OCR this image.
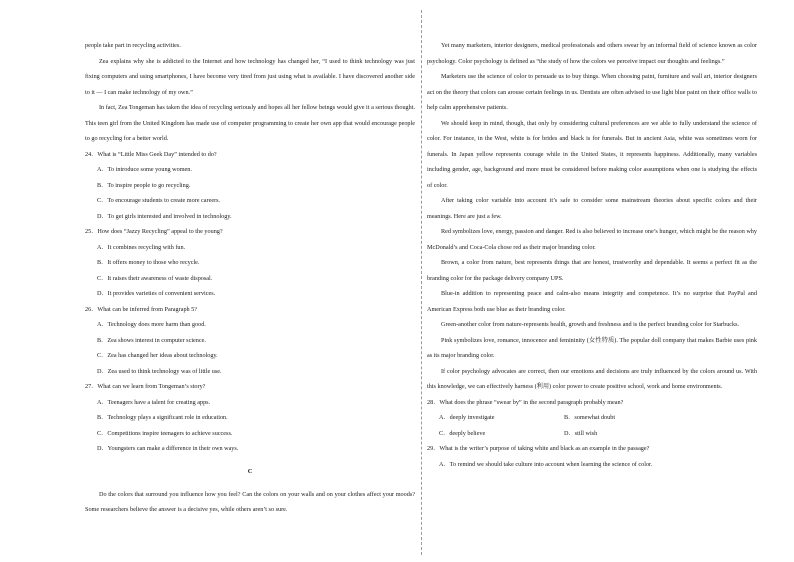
people take part in recycling activities.

Zea explains why she is addicted to the Internet and how technology has changed her, “I used to think technology was just fixing computers and using smartphones, I have become very tired from just using what is available. I have discovered another side to it — I can make technology of my own.”

In fact, Zea Tongeman has taken the idea of recycling seriously and hopes all her fellow beings would give it a serious thought. This teen girl from the United Kingdom has made use of computer programming to create her own app that would encourage people to go recycling for a better world.

24．What is “Little Miss Geek Day” intended to do?

A．To introduce some young women.

B．To inspire people to go recycling.

C．To encourage students to create more careers.

D．To get girls interested and involved in technology.

25．How does “Jazzy Recycling” appeal to the young?

A．It combines recycling with fun.

B．It offers money to those who recycle.

C．It raises their awareness of waste disposal.

D．It provides varieties of convenient services.

26．What can be inferred from Paragraph 5?

A．Technology does more harm than good.

B．Zea shows interest in computer science.

C．Zea has changed her ideas about technology.

D．Zea used to think technology was of little use.

27．What can we learn from Tongeman’s story?

A．Teenagers have a talent for creating apps.

B．Technology plays a significant role in education.

C．Competitions inspire teenagers to achieve success.

D．Youngsters can make a difference in their own ways.

C

Do the colors that surround you influence how you feel? Can the colors on your walls and on your clothes affect your moods? Some researchers believe the answer is a decisive yes, while others aren’t so sure.

Yet many marketers, interior designers, medical professionals and others swear by an informal field of science known as color psychology. Color psychology is defined as “the study of how the colors we perceive impact our thoughts and feelings.”

Marketers use the science of color to persuade us to buy things. When choosing paint, furniture and wall art, interior designers act on the theory that colors can arouse certain feelings in us. Dentists are often advised to use light blue paint on their office walls to help calm apprehensive patients.

We should keep in mind, though, that only by considering cultural preferences are we able to fully understand the science of color. For instance, in the West, white is for brides and black is for funerals. But in ancient Asia, white was sometimes worn for funerals. In Japan yellow represents courage while in the United States, it represents happiness. Additionally, many variables including gender, age, background and more must be considered before making color assumptions when one is studying the effects of color.

After taking color variable into account it’s safe to consider some mainstream theories about specific colors and their meanings. Here are just a few.

Red symbolizes love, energy, passion and danger. Red is also believed to increase one’s hunger, which might be the reason why McDonald’s and Coca-Cola chose red as their major branding color.

Brown, a color from nature, best represents things that are honest, trustworthy and dependable. It seems a perfect fit as the branding color for the package delivery company UPS.

Blue-in addition to representing peace and calm-also means integrity and competence. It’s no surprise that PayPal and American Express both use blue as their branding color.

Green-another color from nature-represents health, growth and freshness and is the perfect branding color for Starbucks.

Pink symbolizes love, romance, innocence and femininity (女性特质). The popular doll company that makes Barbie uses pink as its major branding color.

If color psychology advocates are correct, then our emotions and decisions are truly influenced by the colors around us. With this knowledge, we can effectively harness (利用) color power to create positive school, work and home environments.

28．What does the phrase “swear by” in the second paragraph probably mean?

A．deeply investigate	B．somewhat doubt
C．deeply believe	D．still wish

29．What is the writer’s purpose of taking white and black as an example in the passage?

A．To remind we should take culture into account when learning the science of color.
